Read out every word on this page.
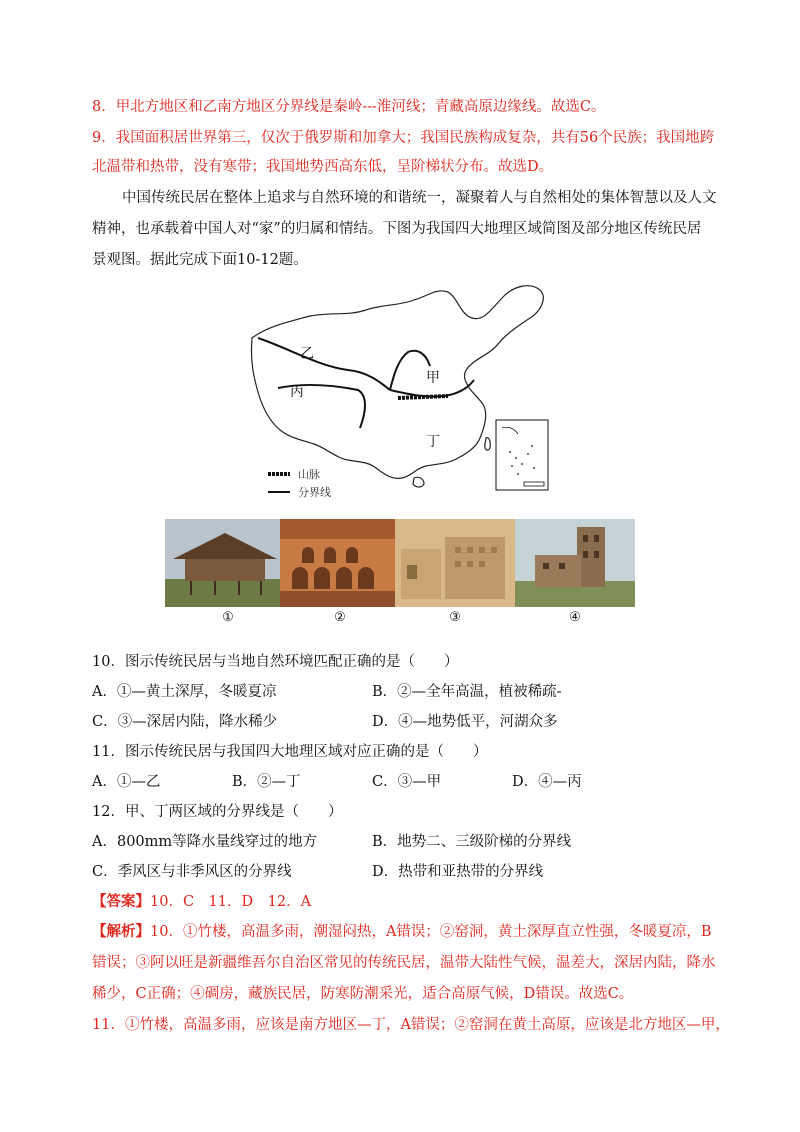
8．甲北方地区和乙南方地区分界线是秦岭---淮河线；青藏高原边缘线。故选C。
9．我国面积居世界第三，仅次于俄罗斯和加拿大；我国民族构成复杂，共有56个民族；我国地跨
北温带和热带，没有寒带；我国地势西高东低，呈阶梯状分布。故选D。
中国传统民居在整体上追求与自然环境的和谐统一，凝聚着人与自然相处的集体智慧以及人文
精神，也承载着中国人对“家”的归属和情结。下图为我国四大地理区域简图及部分地区传统民居
景观图。据此完成下面10-12题。
乙
丙
甲
丁
山脉
分界线
①	②	③	④
10．图示传统民居与当地自然环境匹配正确的是（　　）
A．①—黄土深厚，冬暖夏凉	B．②—全年高温，植被稀疏-
C．③—深居内陆，降水稀少	D．④—地势低平，河湖众多
11．图示传统民居与我国四大地理区域对应正确的是（　　）
A．①—乙	B．②—丁	C．③—甲	D．④—丙
12．甲、丁两区域的分界线是（　　）
A．800mm等降水量线穿过的地方	B．地势二、三级阶梯的分界线
C．季风区与非季风区的分界线	D．热带和亚热带的分界线
【答案】10．C　11．D　12．A
【解析】10．①竹楼，高温多雨，潮湿闷热，A错误；②窑洞，黄土深厚直立性强，冬暖夏凉，B
错误；③阿以旺是新疆维吾尔自治区常见的传统民居，温带大陆性气候，温差大，深居内陆，降水
稀少，C正确；④碉房，藏族民居，防寒防潮采光，适合高原气候，D错误。故选C。
11．①竹楼，高温多雨，应该是南方地区—丁，A错误；②窑洞在黄土高原，应该是北方地区—甲，
